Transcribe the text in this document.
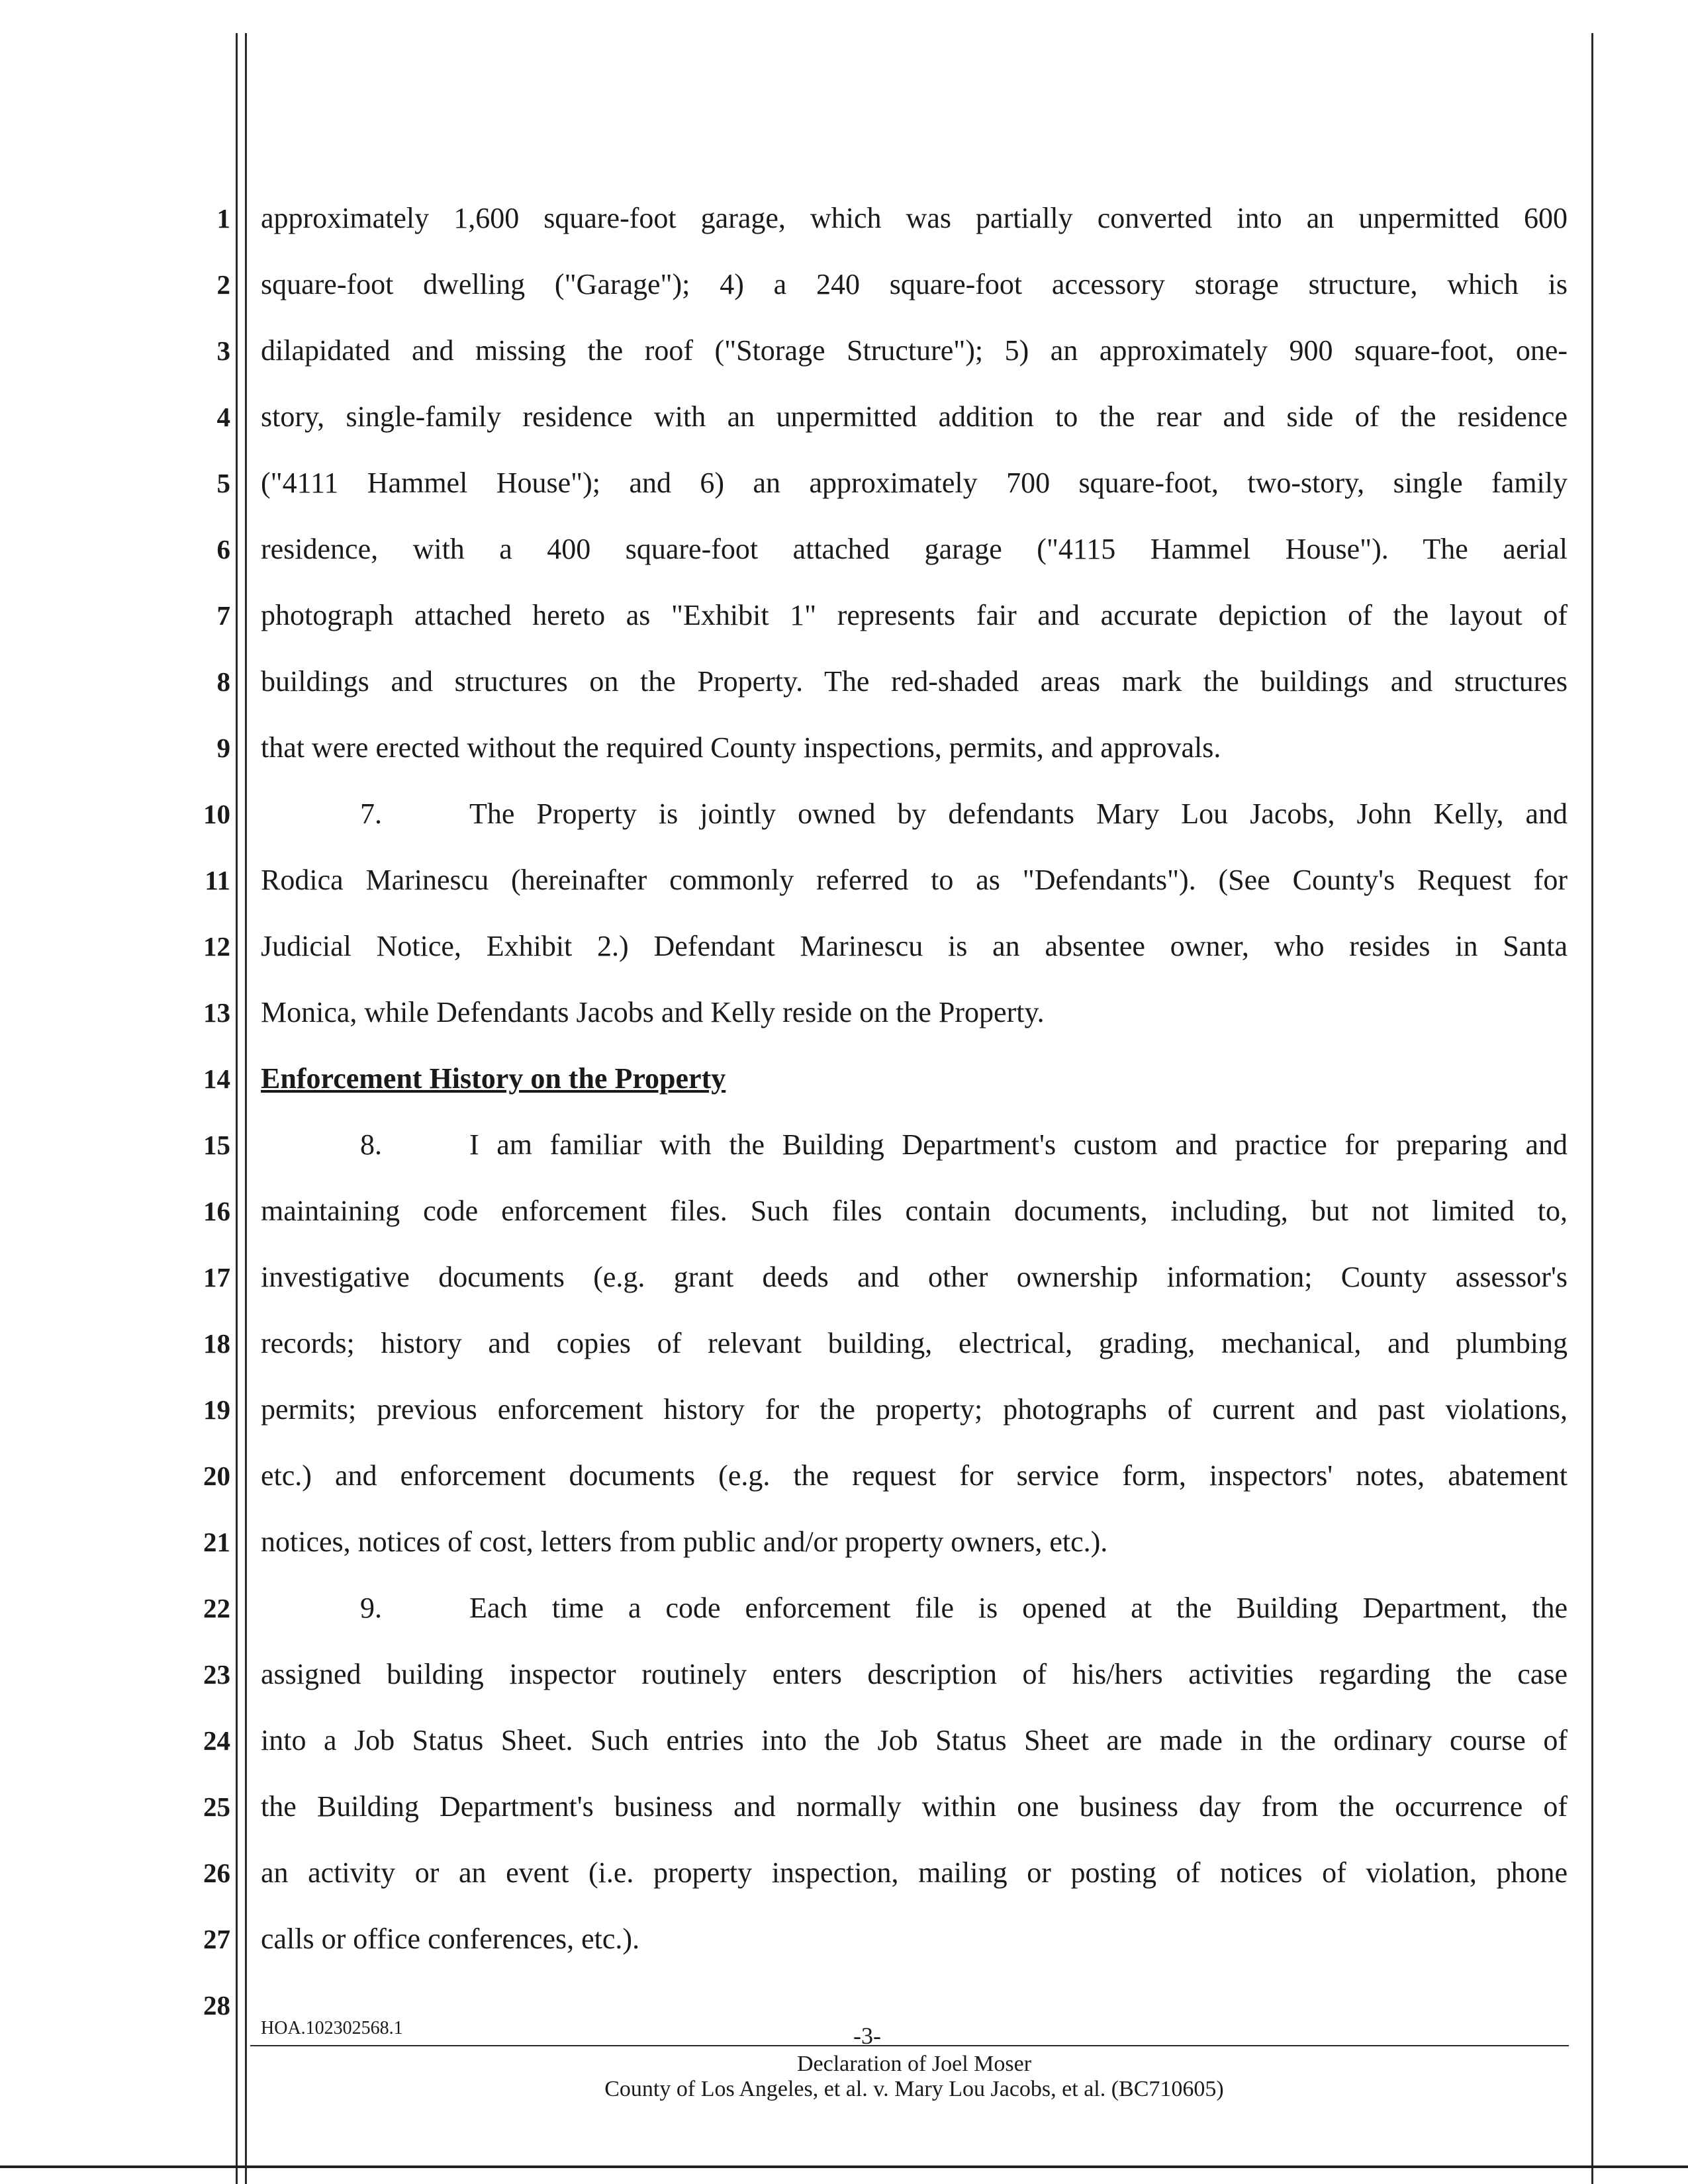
1
2
3
4
5
6
7
8
9
10
11
12
13
14
15
16
17
18
19
20
21
22
23
24
25
26
27
28
approximately 1,600 square-foot garage, which was partially converted into an unpermitted 600
square-foot dwelling ("Garage"); 4) a 240 square-foot accessory storage structure, which is
dilapidated and missing the roof ("Storage Structure"); 5) an approximately 900 square-foot, one-
story, single-family residence with an unpermitted addition to the rear and side of the residence
("4111 Hammel House"); and 6) an approximately 700 square-foot, two-story, single family
residence, with a 400 square-foot attached garage ("4115 Hammel House"). The aerial
photograph attached hereto as "Exhibit 1" represents fair and accurate depiction of the layout of
buildings and structures on the Property. The red-shaded areas mark the buildings and structures
that were erected without the required County inspections, permits, and approvals.
7.	The Property is jointly owned by defendants Mary Lou Jacobs, John Kelly, and
Rodica Marinescu (hereinafter commonly referred to as "Defendants"). (See County's Request for
Judicial Notice, Exhibit 2.) Defendant Marinescu is an absentee owner, who resides in Santa
Monica, while Defendants Jacobs and Kelly reside on the Property.
Enforcement History on the Property
8.	I am familiar with the Building Department's custom and practice for preparing and
maintaining code enforcement files. Such files contain documents, including, but not limited to,
investigative documents (e.g. grant deeds and other ownership information; County assessor's
records; history and copies of relevant building, electrical, grading, mechanical, and plumbing
permits; previous enforcement history for the property; photographs of current and past violations,
etc.) and enforcement documents (e.g. the request for service form, inspectors' notes, abatement
notices, notices of cost, letters from public and/or property owners, etc.).
9.	Each time a code enforcement file is opened at the Building Department, the
assigned building inspector routinely enters description of his/hers activities regarding the case
into a Job Status Sheet. Such entries into the Job Status Sheet are made in the ordinary course of
the Building Department's business and normally within one business day from the occurrence of
an activity or an event (i.e. property inspection, mailing or posting of notices of violation, phone
calls or office conferences, etc.).
HOA.102302568.1	-3-
Declaration of Joel Moser
County of Los Angeles, et al. v. Mary Lou Jacobs, et al. (BC710605)
